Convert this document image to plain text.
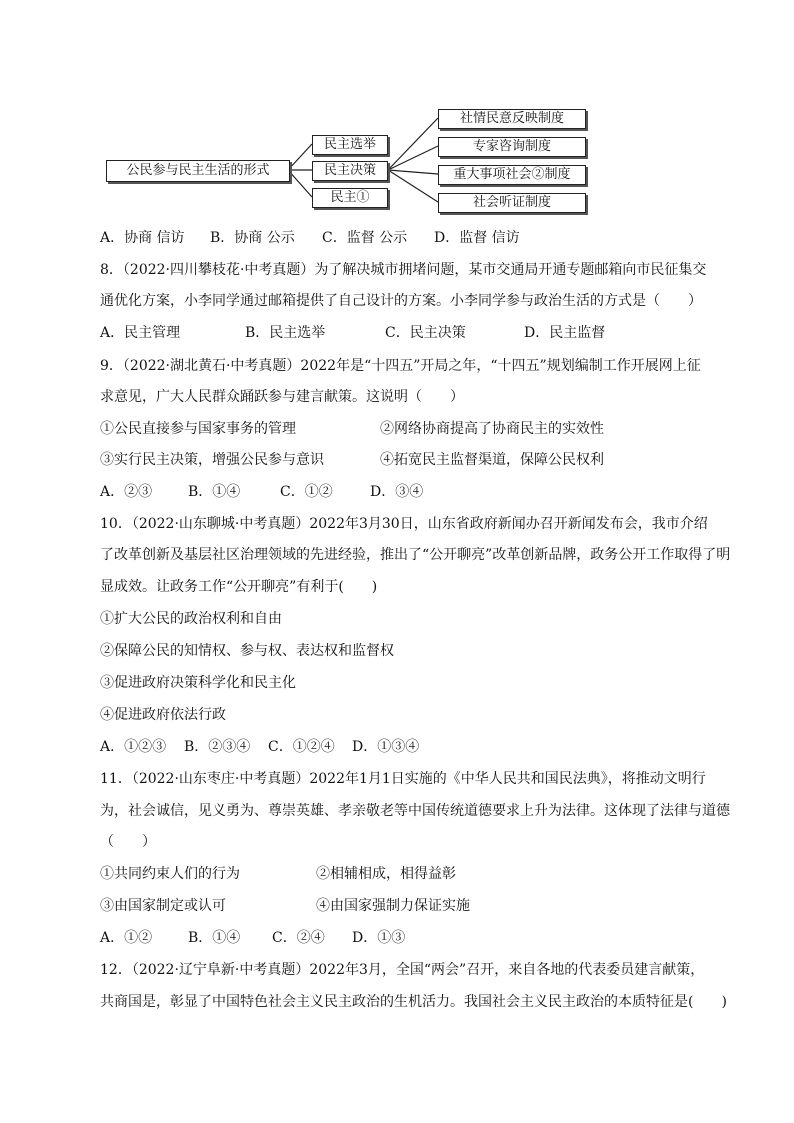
公民参与民主生活的形式
民主选举
民主决策
民主①
社情民意反映制度
专家咨询制度
重大事项社会②制度
社会听证制度
A．协商 信访 B．协商 公示 C．监督 公示 D．监督 信访
8．（2022·四川攀枝花·中考真题）为了解决城市拥堵问题，某市交通局开通专题邮箱向市民征集交
通优化方案，小李同学通过邮箱提供了自己设计的方案。小李同学参与政治生活的方式是（　　）
A．民主管理	B．民主选举	C．民主决策	D．民主监督
9．（2022·湖北黄石·中考真题）2022年是“十四五”开局之年，“十四五”规划编制工作开展网上征
求意见，广大人民群众踊跃参与建言献策。这说明（　　）
①公民直接参与国家事务的管理	②网络协商提高了协商民主的实效性
③实行民主决策，增强公民参与意识	④拓宽民主监督渠道，保障公民权利
A．②③	B．①④	C．①②	D．③④
10．（2022·山东聊城·中考真题）2022年3月30日，山东省政府新闻办召开新闻发布会，我市介绍
了改革创新及基层社区治理领域的先进经验，推出了“公开聊亮”改革创新品牌，政务公开工作取得了明
显成效。让政务工作“公开聊亮”有利于(　　)
①扩大公民的政治权利和自由
②保障公民的知情权、参与权、表达权和监督权
③促进政府决策科学化和民主化
④促进政府依法行政
A．①②③ B．②③④ C．①②④ D．①③④
11．（2022·山东枣庄·中考真题）2022年1月1日实施的《中华人民共和国民法典》，将推动文明行
为，社会诚信，见义勇为、尊崇英雄、孝亲敬老等中国传统道德要求上升为法律。这体现了法律与道德
（　　）
①共同约束人们的行为	②相辅相成，相得益彰
③由国家制定或认可	④由国家强制力保证实施
A．①②	B．①④ C．②④ D．①③
12．（2022·辽宁阜新·中考真题）2022年3月，全国“两会”召开，来自各地的代表委员建言献策，
共商国是，彰显了中国特色社会主义民主政治的生机活力。我国社会主义民主政治的本质特征是(　　)
